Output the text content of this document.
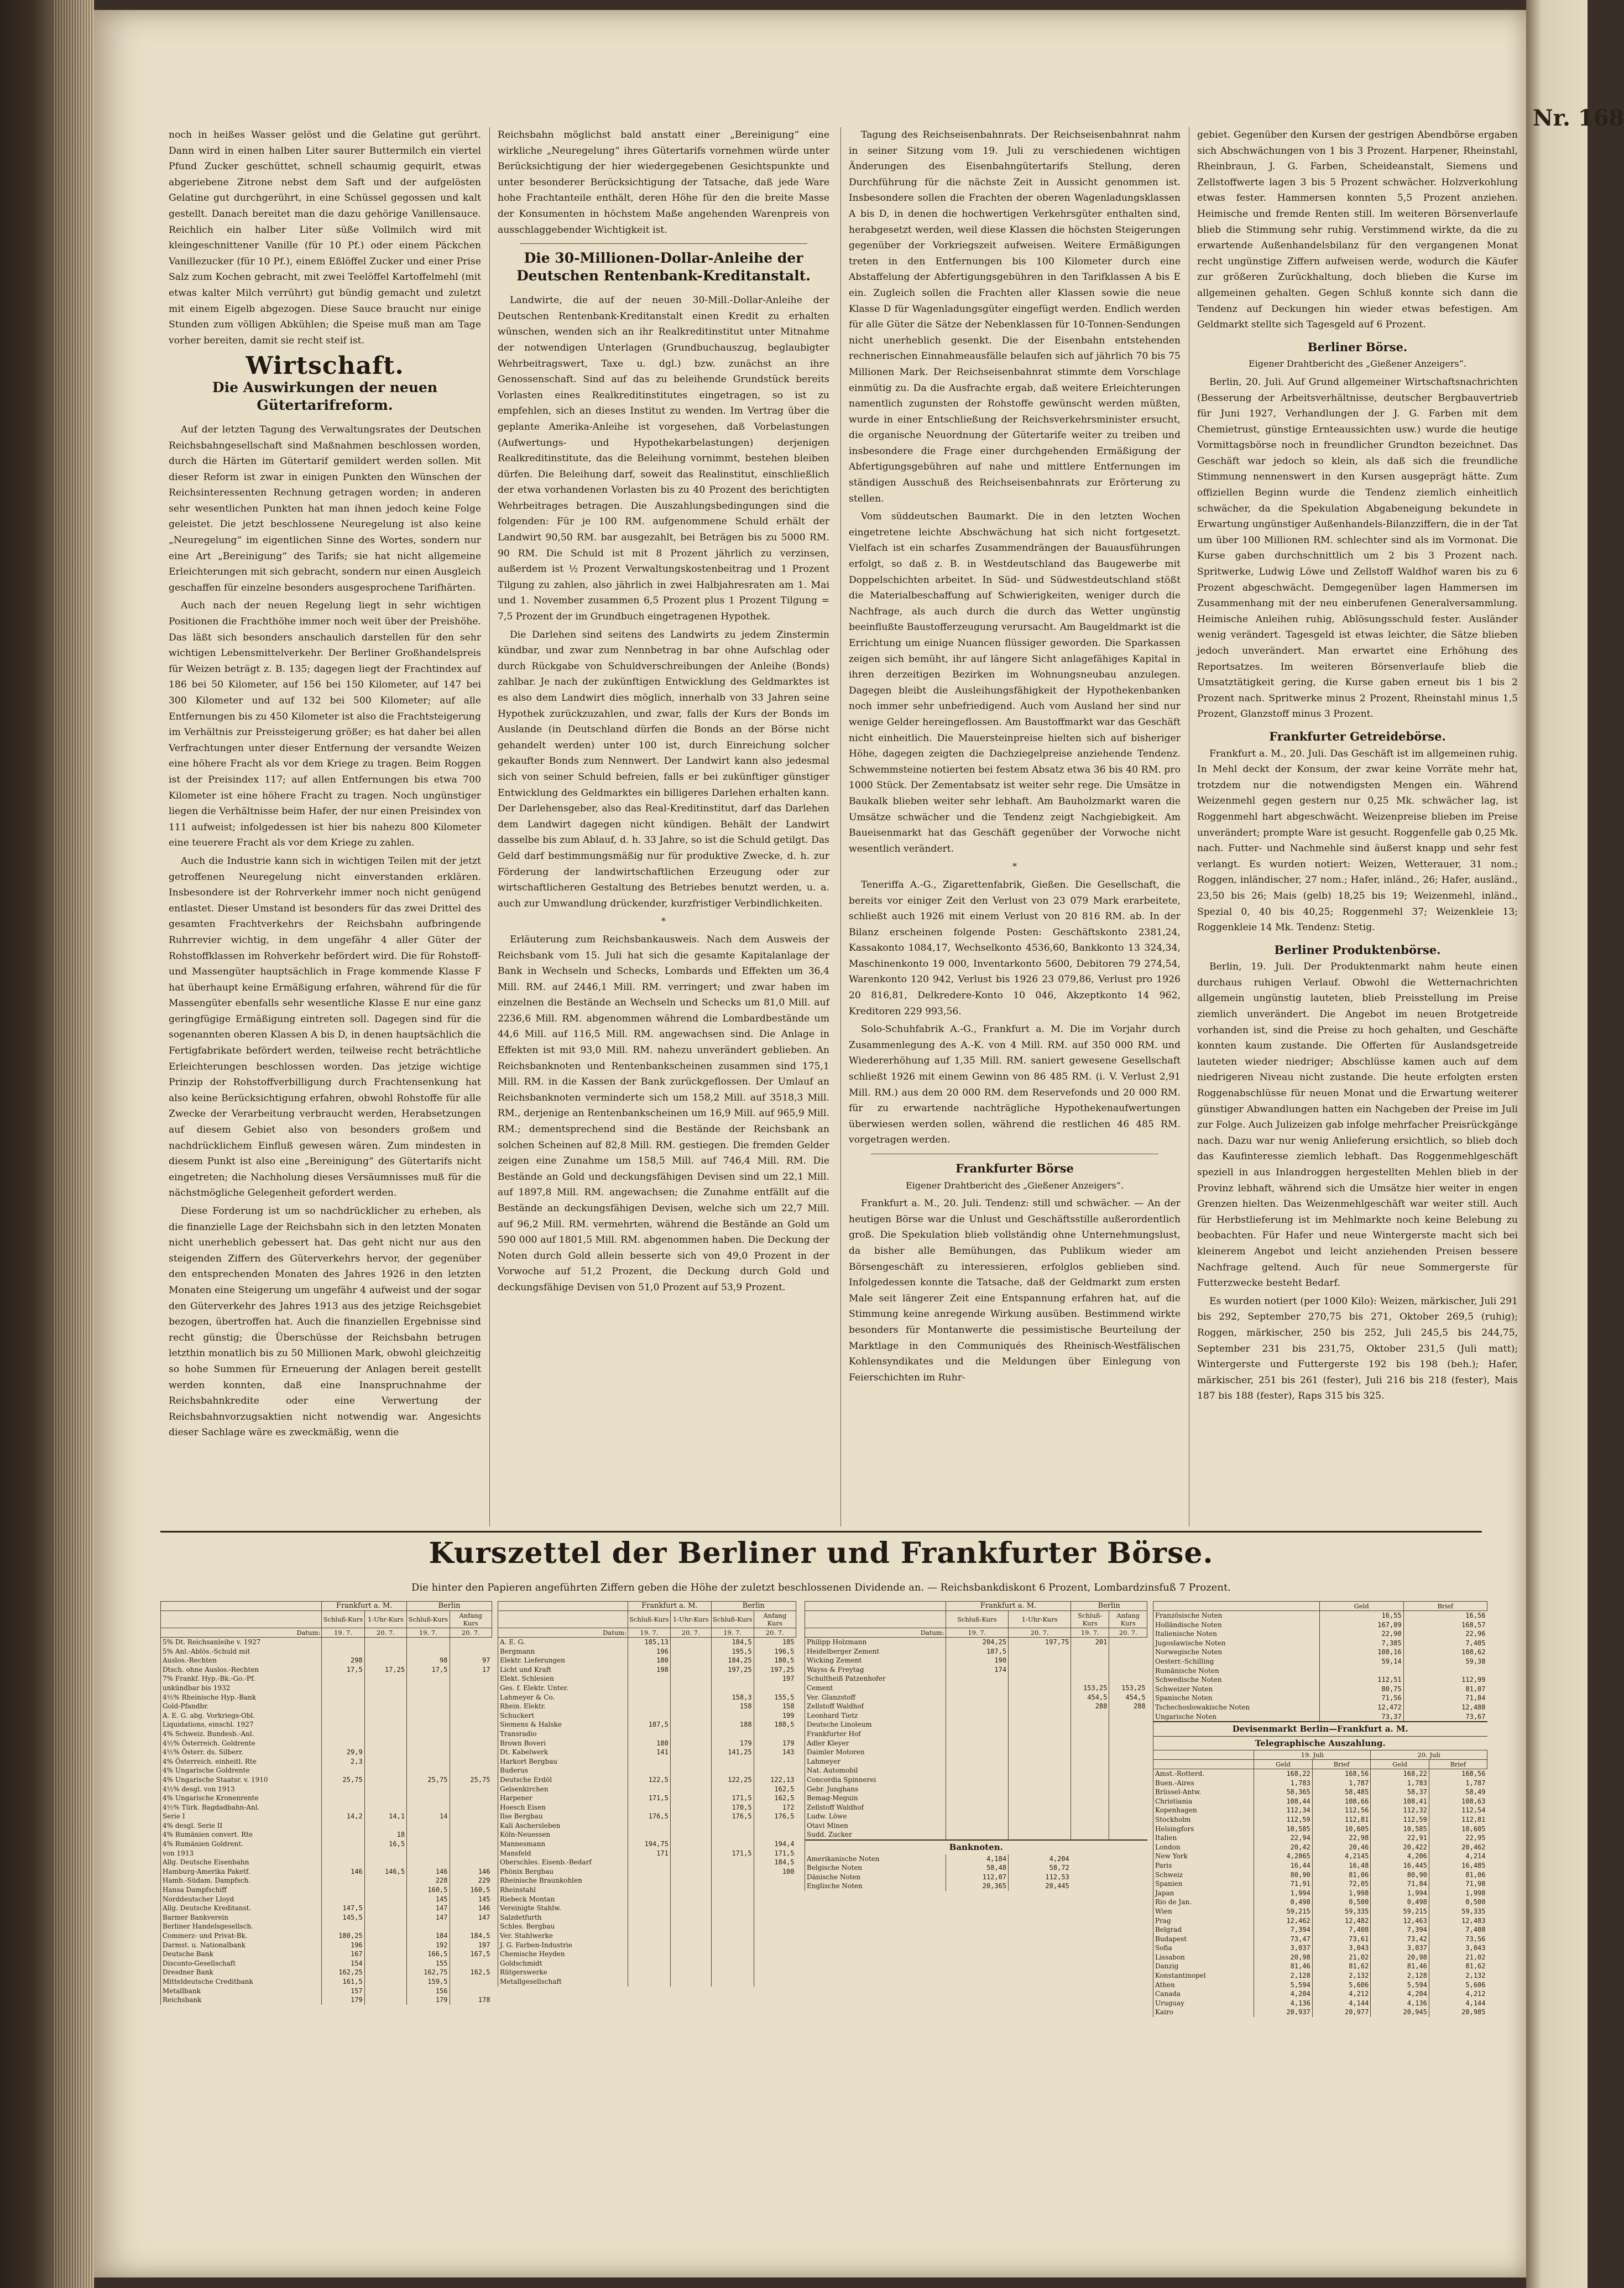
Nr. 168

noch in heißes Wasser gelöst und die Gelatine gut gerührt. Dann wird in einen halben Liter saurer Buttermilch ein viertel Pfund Zucker geschüttet, schnell schaumig gequirlt, etwas abgeriebene Zitrone nebst dem Saft und der aufgelösten Gelatine gut durchgerührt, in eine Schüssel gegossen und kalt gestellt. Danach bereitet man die dazu gehörige Vanillensauce. Reichlich ein halber Liter süße Vollmilch wird mit kleingeschnittener Vanille (für 10 Pf.) oder einem Päckchen Vanillezucker (für 10 Pf.), einem Eßlöffel Zucker und einer Prise Salz zum Kochen gebracht, mit zwei Teelöffel Kartoffelmehl (mit etwas kalter Milch verrührt) gut bündig gemacht und zuletzt mit einem Eigelb abgezogen. Diese Sauce braucht nur einige Stunden zum völligen Abkühlen; die Speise muß man am Tage vorher bereiten, damit sie recht steif ist.

Wirtschaft.
Die Auswirkungen der neuen Gütertarifreform.

Auf der letzten Tagung des Verwaltungsrates der Deutschen Reichsbahngesellschaft sind Maßnahmen beschlossen worden, durch die Härten im Gütertarif gemildert werden sollen. Mit dieser Reform ist zwar in einigen Punkten den Wünschen der Reichsinteressenten Rechnung getragen worden; in anderen sehr wesentlichen Punkten hat man ihnen jedoch keine Folge geleistet. Die jetzt beschlossene Neuregelung ist also keine „Neuregelung“ im eigentlichen Sinne des Wortes, sondern nur eine Art „Bereinigung“ des Tarifs; sie hat nicht allgemeine Erleichterungen mit sich gebracht, sondern nur einen Ausgleich geschaffen für einzelne besonders ausgesprochene Tarifhärten.

Auch nach der neuen Regelung liegt in sehr wichtigen Positionen die Frachthöhe immer noch weit über der Preishöhe. Das läßt sich besonders anschaulich darstellen für den sehr wichtigen Lebensmittelverkehr. Der Berliner Großhandelspreis für Weizen beträgt z. B. 135; dagegen liegt der Frachtindex auf 186 bei 50 Kilometer, auf 156 bei 150 Kilometer, auf 147 bei 300 Kilometer und auf 132 bei 500 Kilometer; auf alle Entfernungen bis zu 450 Kilometer ist also die Frachtsteigerung im Verhältnis zur Preissteigerung größer; es hat daher bei allen Verfrachtungen unter dieser Entfernung der versandte Weizen eine höhere Fracht als vor dem Kriege zu tragen. Beim Roggen ist der Preisindex 117; auf allen Entfernungen bis etwa 700 Kilometer ist eine höhere Fracht zu tragen. Noch ungünstiger liegen die Verhältnisse beim Hafer, der nur einen Preisindex von 111 aufweist; infolgedessen ist hier bis nahezu 800 Kilometer eine teuerere Fracht als vor dem Kriege zu zahlen.

Auch die Industrie kann sich in wichtigen Teilen mit der jetzt getroffenen Neuregelung nicht einverstanden erklären. Insbesondere ist der Rohrverkehr immer noch nicht genügend entlastet. Dieser Umstand ist besonders für das zwei Drittel des gesamten Frachtverkehrs der Reichsbahn aufbringende Ruhrrevier wichtig, in dem ungefähr 4 aller Güter der Rohstoffklassen im Rohverkehr befördert wird. Die für Rohstoff- und Massengüter hauptsächlich in Frage kommende Klasse F hat überhaupt keine Ermäßigung erfahren, während für die für Massengüter ebenfalls sehr wesentliche Klasse E nur eine ganz geringfügige Ermäßigung eintreten soll. Dagegen sind für die sogenannten oberen Klassen A bis D, in denen hauptsächlich die Fertigfabrikate befördert werden, teilweise recht beträchtliche Erleichterungen beschlossen worden. Das jetzige wichtige Prinzip der Rohstoffverbilligung durch Frachtensenkung hat also keine Berücksichtigung erfahren, obwohl Rohstoffe für alle Zwecke der Verarbeitung verbraucht werden, Herabsetzungen auf diesem Gebiet also von besonders großem und nachdrücklichem Einfluß gewesen wären. Zum mindesten in diesem Punkt ist also eine „Bereinigung“ des Gütertarifs nicht eingetreten; die Nachholung dieses Versäumnisses muß für die nächstmögliche Gelegenheit gefordert werden.

Diese Forderung ist um so nachdrücklicher zu erheben, als die finanzielle Lage der Reichsbahn sich in den letzten Monaten nicht unerheblich gebessert hat. Das geht nicht nur aus den steigenden Ziffern des Güterverkehrs hervor, der gegenüber den entsprechenden Monaten des Jahres 1926 in den letzten Monaten eine Steigerung um ungefähr 4 aufweist und der sogar den Güterverkehr des Jahres 1913 aus des jetzige Reichsgebiet bezogen, übertroffen hat. Auch die finanziellen Ergebnisse sind recht günstig; die Überschüsse der Reichsbahn betrugen letzthin monatlich bis zu 50 Millionen Mark, obwohl gleichzeitig so hohe Summen für Erneuerung der Anlagen bereit gestellt werden konnten, daß eine Inanspruchnahme der Reichsbahnkredite oder eine Verwertung der Reichsbahnvorzugsaktien nicht notwendig war. Angesichts dieser Sachlage wäre es zweckmäßig, wenn die

Reichsbahn möglichst bald anstatt einer „Bereinigung“ eine wirkliche „Neuregelung“ ihres Gütertarifs vornehmen würde unter Berücksichtigung der hier wiedergegebenen Gesichtspunkte und unter besonderer Berücksichtigung der Tatsache, daß jede Ware hohe Frachtanteile enthält, deren Höhe für den die breite Masse der Konsumenten in höchstem Maße angehenden Warenpreis von ausschlaggebender Wichtigkeit ist.

Die 30-Millionen-Dollar-Anleihe der Deutschen Rentenbank-Kreditanstalt.

Landwirte, die auf der neuen 30-Mill.-Dollar-Anleihe der Deutschen Rentenbank-Kreditanstalt einen Kredit zu erhalten wünschen, wenden sich an ihr Realkreditinstitut unter Mitnahme der notwendigen Unterlagen (Grundbuchauszug, beglaubigter Wehrbeitragswert, Taxe u. dgl.) bzw. zunächst an ihre Genossenschaft. Sind auf das zu beleihende Grundstück bereits Vorlasten eines Realkreditinstitutes eingetragen, so ist zu empfehlen, sich an dieses Institut zu wenden. Im Vertrag über die geplante Amerika-Anleihe ist vorgesehen, daß Vorbelastungen (Aufwertungs- und Hypothekarbelastungen) derjenigen Realkreditinstitute, das die Beleihung vornimmt, bestehen bleiben dürfen. Die Beleihung darf, soweit das Realinstitut, einschließlich der etwa vorhandenen Vorlasten bis zu 40 Prozent des berichtigten Wehrbeitrages betragen. Die Auszahlungsbedingungen sind die folgenden: Für je 100 RM. aufgenommene Schuld erhält der Landwirt 90,50 RM. bar ausgezahlt, bei Beträgen bis zu 5000 RM. 90 RM. Die Schuld ist mit 8 Prozent jährlich zu verzinsen, außerdem ist ½ Prozent Verwaltungskostenbeitrag und 1 Prozent Tilgung zu zahlen, also jährlich in zwei Halbjahresraten am 1. Mai und 1. November zusammen 6,5 Prozent plus 1 Prozent Tilgung = 7,5 Prozent der im Grundbuch eingetragenen Hypothek.

Die Darlehen sind seitens des Landwirts zu jedem Zinstermin kündbar, und zwar zum Nennbetrag in bar ohne Aufschlag oder durch Rückgabe von Schuldverschreibungen der Anleihe (Bonds) zahlbar. Je nach der zukünftigen Entwicklung des Geldmarktes ist es also dem Landwirt dies möglich, innerhalb von 33 Jahren seine Hypothek zurückzuzahlen, und zwar, falls der Kurs der Bonds im Auslande (in Deutschland dürfen die Bonds an der Börse nicht gehandelt werden) unter 100 ist, durch Einreichung solcher gekaufter Bonds zum Nennwert. Der Landwirt kann also jedesmal sich von seiner Schuld befreien, falls er bei zukünftiger günstiger Entwicklung des Geldmarktes ein billigeres Darlehen erhalten kann. Der Darlehensgeber, also das Real-Kreditinstitut, darf das Darlehen dem Landwirt dagegen nicht kündigen. Behält der Landwirt dasselbe bis zum Ablauf, d. h. 33 Jahre, so ist die Schuld getilgt. Das Geld darf bestimmungsmäßig nur für produktive Zwecke, d. h. zur Förderung der landwirtschaftlichen Erzeugung oder zur wirtschaftlicheren Gestaltung des Betriebes benutzt werden, u. a. auch zur Umwandlung drückender, kurzfristiger Verbindlichkeiten.

*

Erläuterung zum Reichsbankausweis. Nach dem Ausweis der Reichsbank vom 15. Juli hat sich die gesamte Kapitalanlage der Bank in Wechseln und Schecks, Lombards und Effekten um 36,4 Mill. RM. auf 2446,1 Mill. RM. verringert; und zwar haben im einzelnen die Bestände an Wechseln und Schecks um 81,0 Mill. auf 2236,6 Mill. RM. abgenommen während die Lombardbestände um 44,6 Mill. auf 116,5 Mill. RM. angewachsen sind. Die Anlage in Effekten ist mit 93,0 Mill. RM. nahezu unverändert geblieben. An Reichsbanknoten und Rentenbankscheinen zusammen sind 175,1 Mill. RM. in die Kassen der Bank zurückgeflossen. Der Umlauf an Reichsbanknoten verminderte sich um 158,2 Mill. auf 3518,3 Mill. RM., derjenige an Rentenbankscheinen um 16,9 Mill. auf 965,9 Mill. RM.; dementsprechend sind die Bestände der Reichsbank an solchen Scheinen auf 82,8 Mill. RM. gestiegen. Die fremden Gelder zeigen eine Zunahme um 158,5 Mill. auf 746,4 Mill. RM. Die Bestände an Gold und deckungsfähigen Devisen sind um 22,1 Mill. auf 1897,8 Mill. RM. angewachsen; die Zunahme entfällt auf die Bestände an deckungsfähigen Devisen, welche sich um 22,7 Mill. auf 96,2 Mill. RM. vermehrten, während die Bestände an Gold um 590 000 auf 1801,5 Mill. RM. abgenommen haben. Die Deckung der Noten durch Gold allein besserte sich von 49,0 Prozent in der Vorwoche auf 51,2 Prozent, die Deckung durch Gold und deckungsfähige Devisen von 51,0 Prozent auf 53,9 Prozent.

Tagung des Reichseisenbahnrats. Der Reichseisenbahnrat nahm in seiner Sitzung vom 19. Juli zu verschiedenen wichtigen Änderungen des Eisenbahngütertarifs Stellung, deren Durchführung für die nächste Zeit in Aussicht genommen ist. Insbesondere sollen die Frachten der oberen Wagenladungsklassen A bis D, in denen die hochwertigen Verkehrsgüter enthalten sind, herabgesetzt werden, weil diese Klassen die höchsten Steigerungen gegenüber der Vorkriegszeit aufweisen. Weitere Ermäßigungen treten in den Entfernungen bis 100 Kilometer durch eine Abstaffelung der Abfertigungsgebühren in den Tarifklassen A bis E ein. Zugleich sollen die Frachten aller Klassen sowie die neue Klasse D für Wagenladungsgüter eingefügt werden. Endlich werden für alle Güter die Sätze der Nebenklassen für 10-Tonnen-Sendungen nicht unerheblich gesenkt. Die der Eisenbahn entstehenden rechnerischen Einnahmeausfälle belaufen sich auf jährlich 70 bis 75 Millionen Mark. Der Reichseisenbahnrat stimmte dem Vorschlage einmütig zu. Da die Ausfrachte ergab, daß weitere Erleichterungen namentlich zugunsten der Rohstoffe gewünscht werden müßten, wurde in einer Entschließung der Reichsverkehrsminister ersucht, die organische Neuordnung der Gütertarife weiter zu treiben und insbesondere die Frage einer durchgehenden Ermäßigung der Abfertigungsgebühren auf nahe und mittlere Entfernungen im ständigen Ausschuß des Reichseisenbahnrats zur Erörterung zu stellen.

Vom süddeutschen Baumarkt. Die in den letzten Wochen eingetretene leichte Abschwächung hat sich nicht fortgesetzt. Vielfach ist ein scharfes Zusammendrängen der Bauausführungen erfolgt, so daß z. B. in Westdeutschland das Baugewerbe mit Doppelschichten arbeitet. In Süd- und Südwestdeutschland stößt die Materialbeschaffung auf Schwierigkeiten, weniger durch die Nachfrage, als auch durch die durch das Wetter ungünstig beeinflußte Baustofferzeugung verursacht. Am Baugeldmarkt ist die Errichtung um einige Nuancen flüssiger geworden. Die Sparkassen zeigen sich bemüht, ihr auf längere Sicht anlagefähiges Kapital in ihren derzeitigen Bezirken im Wohnungsneubau anzulegen. Dagegen bleibt die Ausleihungsfähigkeit der Hypothekenbanken noch immer sehr unbefriedigend. Auch vom Ausland her sind nur wenige Gelder hereingeflossen. Am Baustoffmarkt war das Geschäft nicht einheitlich. Die Mauersteinpreise hielten sich auf bisheriger Höhe, dagegen zeigten die Dachziegelpreise anziehende Tendenz. Schwemmsteine notierten bei festem Absatz etwa 36 bis 40 RM. pro 1000 Stück. Der Zementabsatz ist weiter sehr rege. Die Umsätze in Baukalk blieben weiter sehr lebhaft. Am Bauholzmarkt waren die Umsätze schwächer und die Tendenz zeigt Nachgiebigkeit. Am Baueisenmarkt hat das Geschäft gegenüber der Vorwoche nicht wesentlich verändert.

*

Teneriffa A.-G., Zigarettenfabrik, Gießen. Die Gesellschaft, die bereits vor einiger Zeit den Verlust von 23 079 Mark erarbeitete, schließt auch 1926 mit einem Verlust von 20 816 RM. ab. In der Bilanz erscheinen folgende Posten: Geschäftskonto 2381,24, Kassakonto 1084,17, Wechselkonto 4536,60, Bankkonto 13 324,34, Maschinenkonto 19 000, Inventarkonto 5600, Debitoren 79 274,54, Warenkonto 120 942, Verlust bis 1926 23 079,86, Verlust pro 1926 20 816,81, Delkredere-Konto 10 046, Akzeptkonto 14 962, Kreditoren 229 993,56.

Solo-Schuhfabrik A.-G., Frankfurt a. M. Die im Vorjahr durch Zusammenlegung des A.-K. von 4 Mill. RM. auf 350 000 RM. und Wiedererhöhung auf 1,35 Mill. RM. saniert gewesene Gesellschaft schließt 1926 mit einem Gewinn von 86 485 RM. (i. V. Verlust 2,91 Mill. RM.) aus dem 20 000 RM. dem Reservefonds und 20 000 RM. für zu erwartende nachträgliche Hypothekenaufwertungen überwiesen werden sollen, während die restlichen 46 485 RM. vorgetragen werden.

Frankfurter Börse
Eigener Drahtbericht des „Gießener Anzeigers“.

Frankfurt a. M., 20. Juli. Tendenz: still und schwächer. — An der heutigen Börse war die Unlust und Geschäftsstille außerordentlich groß. Die Spekulation blieb vollständig ohne Unternehmungslust, da bisher alle Bemühungen, das Publikum wieder am Börsengeschäft zu interessieren, erfolglos geblieben sind. Infolgedessen konnte die Tatsache, daß der Geldmarkt zum ersten Male seit längerer Zeit eine Entspannung erfahren hat, auf die Stimmung keine anregende Wirkung ausüben. Bestimmend wirkte besonders für Montanwerte die pessimistische Beurteilung der Marktlage in den Communiqués des Rheinisch-Westfälischen Kohlensyndikates und die Meldungen über Einlegung von Feierschichten im Ruhr-

gebiet. Gegenüber den Kursen der gestrigen Abendbörse ergaben sich Abschwächungen von 1 bis 3 Prozent. Harpener, Rheinstahl, Rheinbraun, J. G. Farben, Scheideanstalt, Siemens und Zellstoffwerte lagen 3 bis 5 Prozent schwächer. Holzverkohlung etwas fester. Hammersen konnten 5,5 Prozent anziehen. Heimische und fremde Renten still. Im weiteren Börsenverlaufe blieb die Stimmung sehr ruhig. Verstimmend wirkte, da die zu erwartende Außenhandelsbilanz für den vergangenen Monat recht ungünstige Ziffern aufweisen werde, wodurch die Käufer zur größeren Zurückhaltung, doch blieben die Kurse im allgemeinen gehalten. Gegen Schluß konnte sich dann die Tendenz auf Deckungen hin wieder etwas befestigen. Am Geldmarkt stellte sich Tagesgeld auf 6 Prozent.

Berliner Börse.
Eigener Drahtbericht des „Gießener Anzeigers“.

Berlin, 20. Juli. Auf Grund allgemeiner Wirtschaftsnachrichten (Besserung der Arbeitsverhältnisse, deutscher Bergbauvertrieb für Juni 1927, Verhandlungen der J. G. Farben mit dem Chemietrust, günstige Ernteaussichten usw.) wurde die heutige Vormittagsbörse noch in freundlicher Grundton bezeichnet. Das Geschäft war jedoch so klein, als daß sich die freundliche Stimmung nennenswert in den Kursen ausgeprägt hätte. Zum offiziellen Beginn wurde die Tendenz ziemlich einheitlich schwächer, da die Spekulation Abgabeneigung bekundete in Erwartung ungünstiger Außenhandels-Bilanzziffern, die in der Tat um über 100 Millionen RM. schlechter sind als im Vormonat. Die Kurse gaben durchschnittlich um 2 bis 3 Prozent nach. Spritwerke, Ludwig Löwe und Zellstoff Waldhof waren bis zu 6 Prozent abgeschwächt. Demgegenüber lagen Hammersen im Zusammenhang mit der neu einberufenen Generalversammlung. Heimische Anleihen ruhig, Ablösungsschuld fester. Ausländer wenig verändert. Tagesgeld ist etwas leichter, die Sätze blieben jedoch unverändert. Man erwartet eine Erhöhung des Reportsatzes. Im weiteren Börsenverlaufe blieb die Umsatztätigkeit gering, die Kurse gaben erneut bis 1 bis 2 Prozent nach. Spritwerke minus 2 Prozent, Rheinstahl minus 1,5 Prozent, Glanzstoff minus 3 Prozent.

Frankfurter Getreidebörse.

Frankfurt a. M., 20. Juli. Das Geschäft ist im allgemeinen ruhig. In Mehl deckt der Konsum, der zwar keine Vorräte mehr hat, trotzdem nur die notwendigsten Mengen ein. Während Weizenmehl gegen gestern nur 0,25 Mk. schwächer lag, ist Roggenmehl hart abgeschwächt. Weizenpreise blieben im Preise unverändert; prompte Ware ist gesucht. Roggenfelle gab 0,25 Mk. nach. Futter- und Nachmehle sind äußerst knapp und sehr fest verlangt. Es wurden notiert: Weizen, Wetterauer, 31 nom.; Roggen, inländischer, 27 nom.; Hafer, inländ., 26; Hafer, ausländ., 23,50 bis 26; Mais (gelb) 18,25 bis 19; Weizenmehl, inländ., Spezial 0, 40 bis 40,25; Roggenmehl 37; Weizenkleie 13; Roggenkleie 14 Mk. Tendenz: Stetig.

Berliner Produktenbörse.

Berlin, 19. Juli. Der Produktenmarkt nahm heute einen durchaus ruhigen Verlauf. Obwohl die Wetternachrichten allgemein ungünstig lauteten, blieb Preisstellung im Preise ziemlich unverändert. Die Angebot im neuen Brotgetreide vorhanden ist, sind die Preise zu hoch gehalten, und Geschäfte konnten kaum zustande. Die Offerten für Auslandsgetreide lauteten wieder niedriger; Abschlüsse kamen auch auf dem niedrigeren Niveau nicht zustande. Die heute erfolgten ersten Roggenabschlüsse für neuen Monat und die Erwartung weiterer günstiger Abwandlungen hatten ein Nachgeben der Preise im Juli zur Folge. Auch Julizeizen gab infolge mehrfacher Preisrückgänge nach. Dazu war nur wenig Anlieferung ersichtlich, so blieb doch das Kaufinteresse ziemlich lebhaft. Das Roggenmehlgeschäft speziell in aus Inlandroggen hergestellten Mehlen blieb in der Provinz lebhaft, während sich die Umsätze hier weiter in engen Grenzen hielten. Das Weizenmehlgeschäft war weiter still. Auch für Herbstlieferung ist im Mehlmarkte noch keine Belebung zu beobachten. Für Hafer und neue Wintergerste macht sich bei kleinerem Angebot und leicht anziehenden Preisen bessere Nachfrage geltend. Auch für neue Sommergerste für Futterzwecke besteht Bedarf.

Es wurden notiert (per 1000 Kilo): Weizen, märkischer, Juli 291 bis 292, September 270,75 bis 271, Oktober 269,5 (ruhig); Roggen, märkischer, 250 bis 252, Juli 245,5 bis 244,75, September 231 bis 231,75, Oktober 231,5 (Juli matt); Wintergerste und Futtergerste 192 bis 198 (beh.); Hafer, märkischer, 251 bis 261 (fester), Juli 216 bis 218 (fester), Mais 187 bis 188 (fester), Raps 315 bis 325.

Kurszettel der Berliner und Frankfurter Börse.
Die hinter den Papieren angeführten Ziffern geben die Höhe der zuletzt beschlossenen Dividende an. — Reichsbankdiskont 6 Prozent, Lombardzinsfuß 7 Prozent.
	Frankfurt a. M.		Berlin	
	Schluß-Kurs	1-Uhr-Kurs	Schluß-Kurs	Anfang Kurs
Datum:	19. 7.	20. 7.	19. 7.	20. 7.
5% Dt. Reichsanleihe v. 1927				
5% Anl.-Ablös.-Schuld mit				
Auslos.-Rechten	298		98	97
Dtsch. ohne Auslos.-Rechten	17,5	17,25	17,5	17
7% Frankf. Hyp.-Bk.-Go.-Pf.				
unkündbar bis 1932				
4½% Rheinische Hyp.-Bank				
Gold-Pfandbr.				
A. E. G. abg. Vorkriegs-Obl.				
Liquidations, einschl. 1927				
4% Schweiz. Bundesb.-Anl.				
4½% Österreich. Goldrente				
4½% Österr. ds. Silberr.	29,9			
4% Österreich. einheitl. Rte	2,3			
4% Ungarische Goldrente				
4% Ungarische Staatsr. v. 1910	25,75		25,75	25,75
4½% desgl. von 1913				
4% Ungarische Kronenrente				
4½% Türk. Bagdadbahn-Anl.				
Serie I	14,2	14,1	14	
4% desgl. Serie II				
4% Rumänien convert. Rte		18		
4% Rumänien Goldrent.		16,5		
von 1913				
Allg. Deutsche Eisenbahn				
Hamburg-Amerika Paketf.	146	146,5	146	146
Hamb.-Südam. Dampfsch.			228	229
Hansa Dampfschiff			160,5	160,5
Norddeutscher Lloyd			145	145
Allg. Deutsche Kreditanst.	147,5		147	146
Barmer Bankverein	145,5		147	147
Berliner Handelsgesellsch.				
Commerz- und Privat-Bk.	180,25		184	184,5
Darmst. u. Nationalbank	196		192	197
Deutsche Bank	167		166,5	167,5
Disconto-Gesellschaft	154		155	
Dresdner Bank	162,25		162,75	162,5
Mitteldeutsche Creditbank	161,5		159,5	
Metallbank	157		156	
Reichsbank	179		179	178
	Frankfurt a. M.		Berlin	
	Schluß-Kurs	1-Uhr-Kurs	Schluß-Kurs	Anfang Kurs
Datum:	19. 7.	20. 7.	19. 7.	20. 7.
A. E. G.	185,13		184,5	185
Bergmann	196		195,5	196,5
Elektr. Lieferungen	180		184,25	180,5
Licht und Kraft	198		197,25	197,25
Elekt. Schlesien				197
Ges. f. Elektr. Unter.				
Lahmeyer & Co.			158,3	155,5
Rhein. Elektr.			158	158
Schuckert				199
Siemens & Halske	187,5		188	188,5
Transradio				
Brown Boveri	180		179	179
Dt. Kabelwerk	141		141,25	143
Harkort Bergbau				
Buderus				
Deutsche Erdöl	122,5		122,25	122,13
Gelsenkirchen				162,5
Harpener	171,5		171,5	162,5
Hoesch Eisen			170,5	172
Ilse Bergbau	176,5		176,5	176,5
Kali Aschersleben				
Köln-Neuessen				
Mannesmann	194,75			194,4
Mansfeld	171		171,5	171,5
Oberschles. Eisenb.-Bedarf				184,5
Phönix Bergbau				100
Rheinische Braunkohlen				
Rheinstahl				
Riebeck Montan				
Vereinigte Stahlw.				
Salzdetfurth				
Schles. Bergbau				
Ver. Stahlwerke				
J. G. Farben-Industrie				
Chemische Heyden				
Goldschmidt				
Rütgerswerke				
Metallgesellschaft				
	Frankfurt a. M.		Berlin	
	Schluß-Kurs	1-Uhr-Kurs	Schluß-Kurs	Anfang Kurs
Datum:	19. 7.	20. 7.	19. 7.	20. 7.
Philipp Holzmann	204,25	197,75	201	
Heidelberger Zement	187,5			
Wicking Zement	190			
Wayss & Freytag	174			
Schultheiß Patzenhofer				
Cement			153,25	153,25
Ver. Glanzstoff			454,5	454,5
Zellstoff Waldhof			288	288
Leonhard Tietz				
Deutsche Linoleum				
Frankfurter Hof				
Adler Kleyer				
Daimler Motoren				
Lahmeyer				
Nat. Automobil				
Concordia Spinnerei				
Gebr. Junghans				
Bemag-Meguin				
Zellstoff Waldhof				
Ludw. Löwe				
Otavi Minen				
Sudd. Zucker				
Banknoten.				
Amerikanische Noten	4,184	4,204		
Belgische Noten	58,48	58,72		
Dänische Noten	112,07	112,53		
Englische Noten	20,365	20,445		
	Geld	Brief
Französische Noten	16,55	16,56
Holländische Noten	167,89	168,57
Italienische Noten	22,90	22,96
Jugoslawische Noten	7,385	7,405
Norwegische Noten	108,16	108,62
Oesterr.-Schilling	59,14	59,38
Rumänische Noten		
Schwedische Noten	112,51	112,99
Schweizer Noten	80,75	81,07
Spanische Noten	71,56	71,84
Tschechoslowakische Noten	12,472	12,488
Ungarische Noten	73,37	73,67
Devisenmarkt Berlin—Frankfurt a. M.		
Telegraphische Auszahlung.		
	19. Juli		20. Juli	
	Geld	Brief	Geld	Brief
Amst.-Rotterd.	168,22	168,56	168,22	168,56
Buen.-Aires	1,783	1,787	1,783	1,787
Brüssel-Antw.	58,365	58,485	58,37	58,49
Christiania	108,44	108,66	108,41	108,63
Kopenhagen	112,34	112,56	112,32	112,54
Stockholm	112,59	112,81	112,59	112,81
Helsingfors	10,585	10,605	10,585	10,605
Italien	22,94	22,98	22,91	22,95
London	20,42	20,46	20,422	20,462
New York	4,2065	4,2145	4,206	4,214
Paris	16,44	16,48	16,445	16,485
Schweiz	80,90	81,06	80,90	81,06
Spanien	71,91	72,05	71,84	71,98
Japan	1,994	1,998	1,994	1,998
Rio de Jan.	0,498	0,500	0,498	0,500
Wien	59,215	59,335	59,215	59,335
Prag	12,462	12,482	12,463	12,483
Belgrad	7,394	7,408	7,394	7,408
Budapest	73,47	73,61	73,42	73,56
Sofia	3,037	3,043	3,037	3,043
Lissabon	20,98	21,02	20,98	21,02
Danzig	81,46	81,62	81,46	81,62
Konstantinopel	2,128	2,132	2,128	2,132
Athen	5,594	5,606	5,594	5,606
Canada	4,204	4,212	4,204	4,212
Uruguay	4,136	4,144	4,136	4,144
Kairo	20,937	20,977	20,945	20,985
